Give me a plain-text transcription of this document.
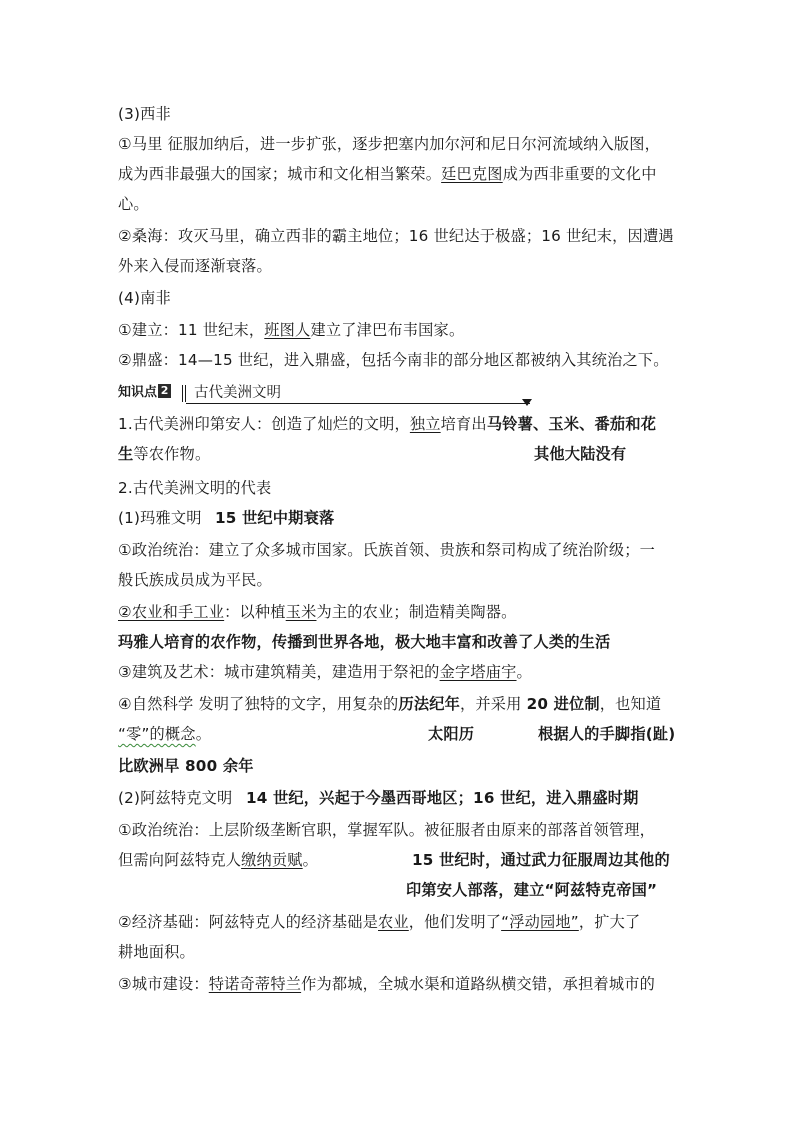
(3)西非
①马里 征服加纳后，进一步扩张，逐步把塞内加尔河和尼日尔河流域纳入版图，
成为西非最强大的国家；城市和文化相当繁荣。廷巴克图成为西非重要的文化中
心。
②桑海：攻灭马里，确立西非的霸主地位；16 世纪达于极盛；16 世纪末，因遭遇
外来入侵而逐渐衰落。
(4)南非
①建立：11 世纪末，班图人建立了津巴布韦国家。
②鼎盛：14—15 世纪，进入鼎盛，包括今南非的部分地区都被纳入其统治之下。
知识点 2	古代美洲文明
1.古代美洲印第安人：创造了灿烂的文明，独立培育出马铃薯、玉米、番茄和花
生等农作物。	其他大陆没有
2.古代美洲文明的代表
(1)玛雅文明 15 世纪中期衰落
①政治统治：建立了众多城市国家。氏族首领、贵族和祭司构成了统治阶级；一
般氏族成员成为平民。
②农业和手工业：以种植玉米为主的农业；制造精美陶器。
玛雅人培育的农作物，传播到世界各地，极大地丰富和改善了人类的生活
③建筑及艺术：城市建筑精美，建造用于祭祀的金字塔庙宇。
④自然科学 发明了独特的文字，用复杂的历法纪年，并采用 20 进位制，也知道
“零”的概念。	太阳历	根据人的手脚指(趾)
比欧洲早 800 余年
(2)阿兹特克文明 14 世纪，兴起于今墨西哥地区；16 世纪，进入鼎盛时期
①政治统治：上层阶级垄断官职，掌握军队。被征服者由原来的部落首领管理，
但需向阿兹特克人缴纳贡赋。	15 世纪时，通过武力征服周边其他的
印第安人部落，建立“阿兹特克帝国”
②经济基础：阿兹特克人的经济基础是农业，他们发明了“浮动园地”，扩大了
耕地面积。
③城市建设：特诺奇蒂特兰作为都城，全城水渠和道路纵横交错，承担着城市的
